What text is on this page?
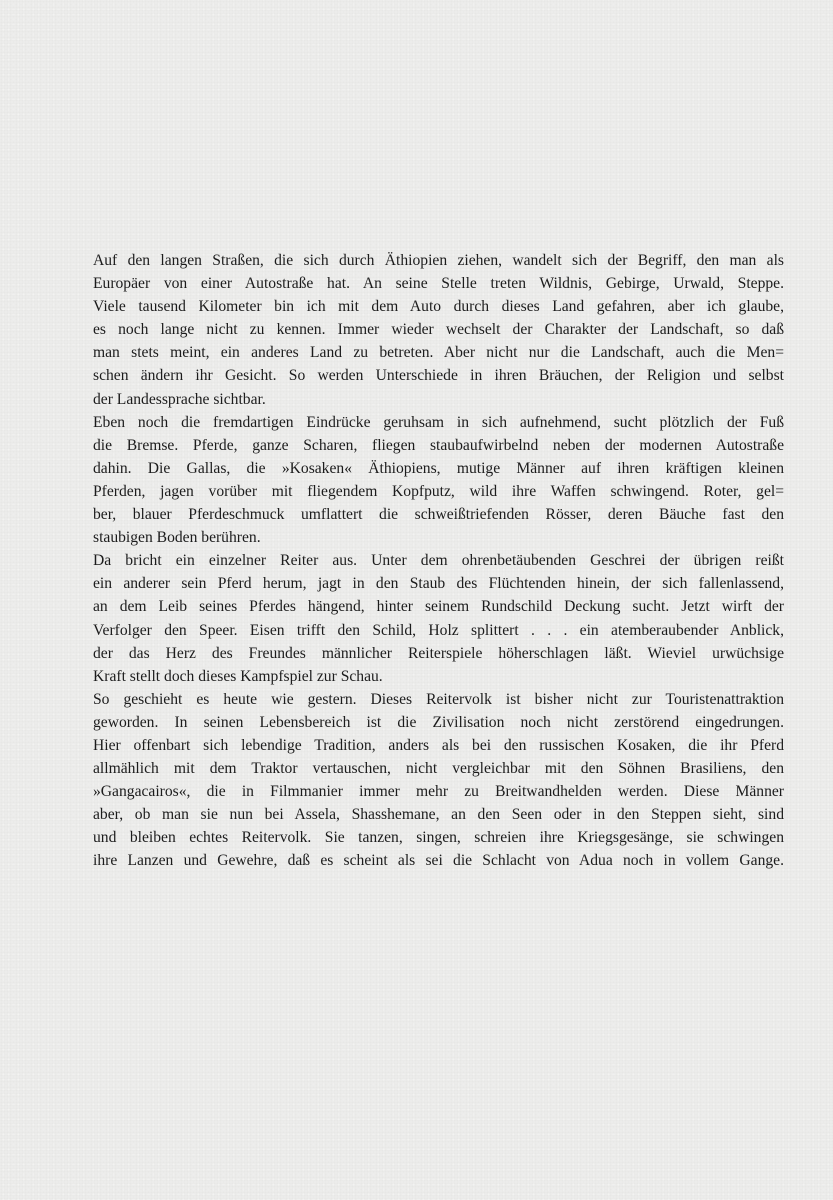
Auf den langen Straßen, die sich durch Äthiopien ziehen, wandelt sich der Begriff, den man als
Europäer von einer Autostraße hat. An seine Stelle treten Wildnis, Gebirge, Urwald, Steppe.
Viele tausend Kilometer bin ich mit dem Auto durch dieses Land gefahren, aber ich glaube,
es noch lange nicht zu kennen. Immer wieder wechselt der Charakter der Landschaft, so daß
man stets meint, ein anderes Land zu betreten. Aber nicht nur die Landschaft, auch die Men=
schen ändern ihr Gesicht. So werden Unterschiede in ihren Bräuchen, der Religion und selbst
der Landessprache sichtbar.
Eben noch die fremdartigen Eindrücke geruhsam in sich aufnehmend, sucht plötzlich der Fuß
die Bremse. Pferde, ganze Scharen, fliegen staubaufwirbelnd neben der modernen Autostraße
dahin. Die Gallas, die »Kosaken« Äthiopiens, mutige Männer auf ihren kräftigen kleinen
Pferden, jagen vorüber mit fliegendem Kopfputz, wild ihre Waffen schwingend. Roter, gel=
ber, blauer Pferdeschmuck umflattert die schweißtriefenden Rösser, deren Bäuche fast den
staubigen Boden berühren.
Da bricht ein einzelner Reiter aus. Unter dem ohrenbetäubenden Geschrei der übrigen reißt
ein anderer sein Pferd herum, jagt in den Staub des Flüchtenden hinein, der sich fallenlassend,
an dem Leib seines Pferdes hängend, hinter seinem Rundschild Deckung sucht. Jetzt wirft der
Verfolger den Speer. Eisen trifft den Schild, Holz splittert . . . ein atemberaubender Anblick,
der das Herz des Freundes männlicher Reiterspiele höherschlagen läßt. Wieviel urwüchsige
Kraft stellt doch dieses Kampfspiel zur Schau.
So geschieht es heute wie gestern. Dieses Reitervolk ist bisher nicht zur Touristenattraktion
geworden. In seinen Lebensbereich ist die Zivilisation noch nicht zerstörend eingedrungen.
Hier offenbart sich lebendige Tradition, anders als bei den russischen Kosaken, die ihr Pferd
allmählich mit dem Traktor vertauschen, nicht vergleichbar mit den Söhnen Brasiliens, den
»Gangacairos«, die in Filmmanier immer mehr zu Breitwandhelden werden. Diese Männer
aber, ob man sie nun bei Assela, Shasshemane, an den Seen oder in den Steppen sieht, sind
und bleiben echtes Reitervolk. Sie tanzen, singen, schreien ihre Kriegsgesänge, sie schwingen
ihre Lanzen und Gewehre, daß es scheint als sei die Schlacht von Adua noch in vollem Gange.
